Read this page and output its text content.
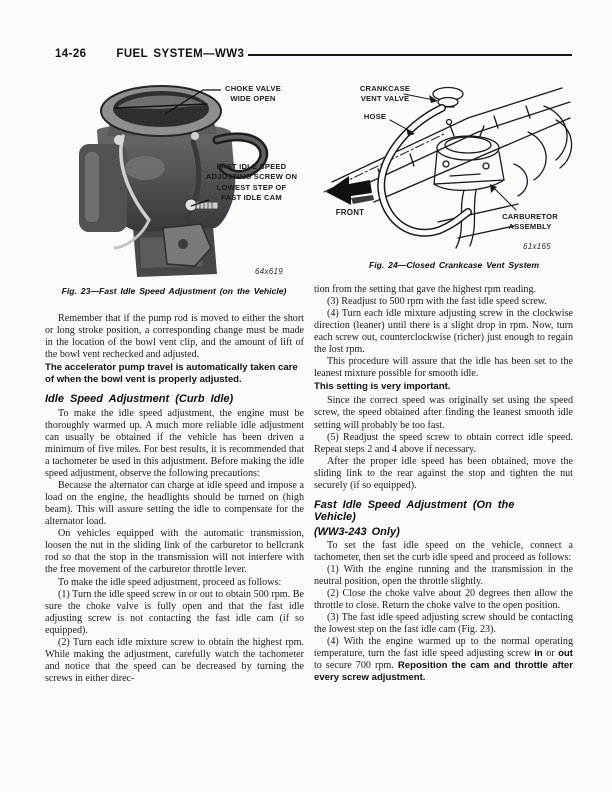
14-26	FUEL SYSTEM—WW3
CHOKE VALVE
WIDE OPEN
FAST IDLE SPEED
ADJUSTING SCREW ON
LOWEST STEP OF
FAST IDLE CAM
64x619
Fig. 23—Fast Idle Speed Adjustment (on the Vehicle)
CRANKCASE
VENT VALVE
HOSE
FRONT	CARBURETOR
ASSEMBLY
61x165
Fig. 24—Closed Crankcase Vent System

Remember that if the pump rod is moved to either the short or long stroke position, a corresponding change must be made in the location of the bowl vent clip, and the amount of lift of the bowl vent rechecked and adjusted.

The accelerator pump travel is automatically taken care of when the bowl vent is properly adjusted.

Idle Speed Adjustment (Curb Idle)

To make the idle speed adjustment, the engine must be thoroughly warmed up. A much more reliable idle adjustment can usually be obtained if the vehicle has been driven a minimum of five miles. For best results, it is recommended that a tachometer be used in this adjustment. Before making the idle speed adjustment, observe the following precautions:

Because the alternator can charge at idle speed and impose a load on the engine, the headlights should be turned on (high beam). This will assure setting the idle to compensate for the alternator load.

On vehicles equipped with the automatic transmission, loosen the nut in the sliding link of the carburetor to bellcrank rod so that the stop in the transmission will not interfere with the free movement of the carburetor throttle lever.

To make the idle speed adjustment, proceed as follows:

(1) Turn the idle speed screw in or out to obtain 500 rpm. Be sure the choke valve is fully open and that the fast idle adjusting screw is not contacting the fast idle cam (if so equipped).

(2) Turn each idle mixture screw to obtain the highest rpm. While making the adjustment, carefully watch the tachometer and notice that the speed can be decreased by turning the screws in either direc-

tion from the setting that gave the highest rpm reading.

(3) Readjust to 500 rpm with the fast idle speed screw.

(4) Turn each idle mixture adjusting screw in the clockwise direction (leaner) until there is a slight drop in rpm. Now, turn each screw out, counterclockwise (richer) just enough to regain the lost rpm.

This procedure will assure that the idle has been set to the leanest mixture possible for smooth idle.

This setting is very important.

Since the correct speed was originally set using the speed screw, the speed obtained after finding the leanest smooth idle setting will probably be too fast.

(5) Readjust the speed screw to obtain correct idle speed. Repeat steps 2 and 4 above if necessary.

After the proper idle speed has been obtained, move the sliding link to the rear against the stop and tighten the nut securely (if so equipped).

Fast Idle Speed Adjustment (On the
Vehicle)

(WW3-243 Only)

To set the fast idle speed on the vehicle, connect a tachometer, then set the curb idle speed and proceed as follows:

(1) With the engine running and the transmission in the neutral position, open the throttle slightly.

(2) Close the choke valve about 20 degrees then allow the throttle to close. Return the choke valve to the open position.

(3) The fast idle speed adjusting screw should be contacting the lowest step on the fast idle cam (Fig. 23).

(4) With the engine warmed up to the normal operating temperature, turn the fast idle speed adjusting screw in or out to secure 700 rpm. Reposition the cam and throttle after every screw adjustment.
